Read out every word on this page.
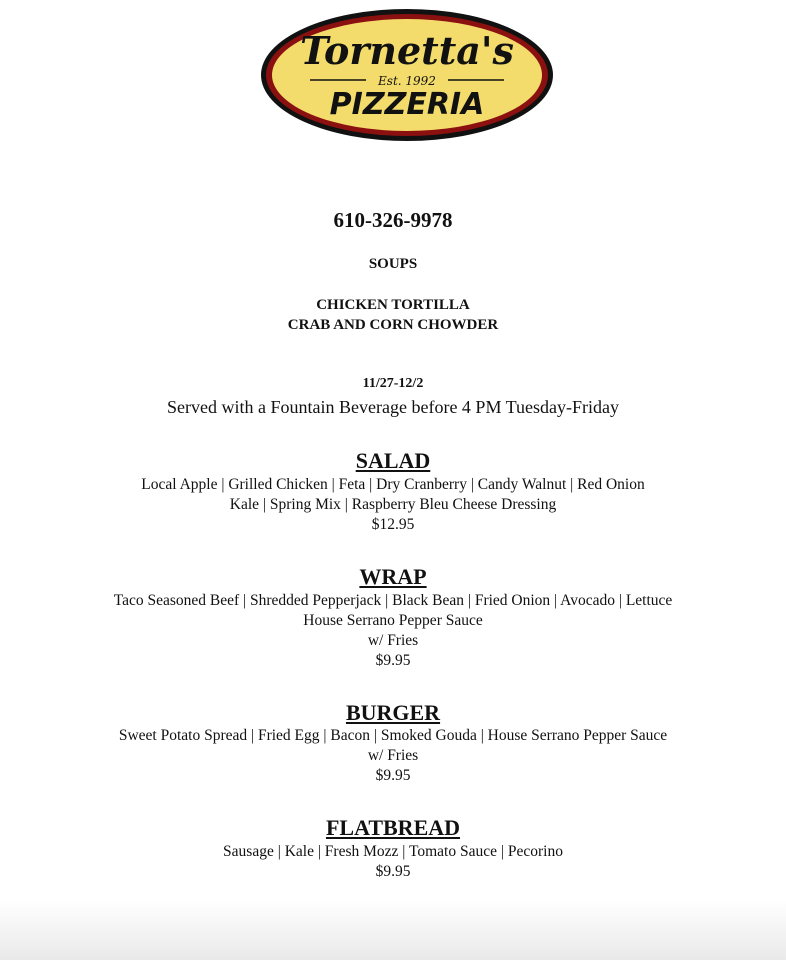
Tornetta's
Est. 1992
PIZZERIA
610-326-9978
SOUPS
CHICKEN TORTILLA
CRAB AND CORN CHOWDER
11/27-12/2
Served with a Fountain Beverage before 4 PM Tuesday-Friday
SALAD
Local Apple | Grilled Chicken | Feta | Dry Cranberry | Candy Walnut | Red Onion
Kale | Spring Mix | Raspberry Bleu Cheese Dressing
$12.95
WRAP
Taco Seasoned Beef | Shredded Pepperjack | Black Bean | Fried Onion | Avocado | Lettuce
House Serrano Pepper Sauce
w/ Fries
$9.95
BURGER
Sweet Potato Spread | Fried Egg | Bacon | Smoked Gouda | House Serrano Pepper Sauce
w/ Fries
$9.95
FLATBREAD
Sausage | Kale | Fresh Mozz | Tomato Sauce | Pecorino
$9.95
